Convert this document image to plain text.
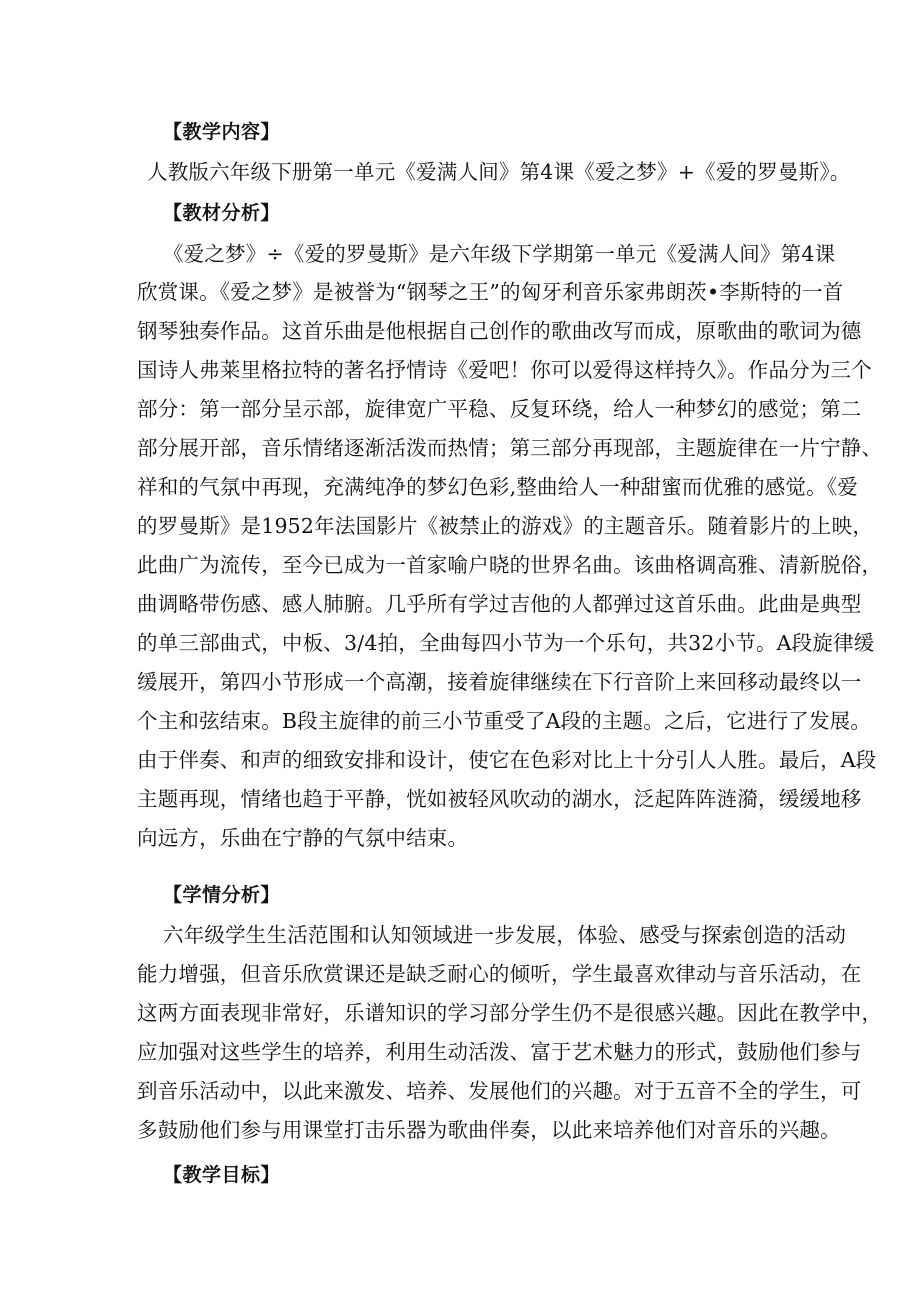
【教学内容】
人教版六年级下册第一单元《爱满人间》第4课《爱之梦》+《爱的罗曼斯》。
【教材分析】
《爱之梦》÷《爱的罗曼斯》是六年级下学期第一单元《爱满人间》第4课
欣赏课。《爱之梦》是被誉为“钢琴之王”的匈牙利音乐家弗朗茨•李斯特的一首
钢琴独奏作品。这首乐曲是他根据自己创作的歌曲改写而成，原歌曲的歌词为德
国诗人弗莱里格拉特的著名抒情诗《爱吧！你可以爱得这样持久》。作品分为三个
部分：第一部分呈示部，旋律宽广平稳、反复环绕，给人一种梦幻的感觉；第二
部分展开部，音乐情绪逐渐活泼而热情；第三部分再现部，主题旋律在一片宁静、
祥和的气氛中再现，充满纯净的梦幻色彩,整曲给人一种甜蜜而优雅的感觉。《爱
的罗曼斯》是1952年法国影片《被禁止的游戏》的主题音乐。随着影片的上映，
此曲广为流传，至今已成为一首家喻户晓的世界名曲。该曲格调高雅、清新脱俗，
曲调略带伤感、感人肺腑。几乎所有学过吉他的人都弹过这首乐曲。此曲是典型
的单三部曲式，中板、3/4拍，全曲每四小节为一个乐句，共32小节。A段旋律缓
缓展开，第四小节形成一个高潮，接着旋律继续在下行音阶上来回移动最终以一
个主和弦结束。B段主旋律的前三小节重受了A段的主题。之后，它进行了发展。
由于伴奏、和声的细致安排和设计，使它在色彩对比上十分引人人胜。最后，A段
主题再现，情绪也趋于平静，恍如被轻风吹动的湖水，泛起阵阵涟漪，缓缓地移
向远方，乐曲在宁静的气氛中结束。
【学情分析】
六年级学生生活范围和认知领域进一步发展，体验、感受与探索创造的活动
能力增强，但音乐欣赏课还是缺乏耐心的倾听，学生最喜欢律动与音乐活动，在
这两方面表现非常好，乐谱知识的学习部分学生仍不是很感兴趣。因此在教学中，
应加强对这些学生的培养，利用生动活泼、富于艺术魅力的形式，鼓励他们参与
到音乐活动中，以此来激发、培养、发展他们的兴趣。对于五音不全的学生，可
多鼓励他们参与用课堂打击乐器为歌曲伴奏，以此来培养他们对音乐的兴趣。
【教学目标】
